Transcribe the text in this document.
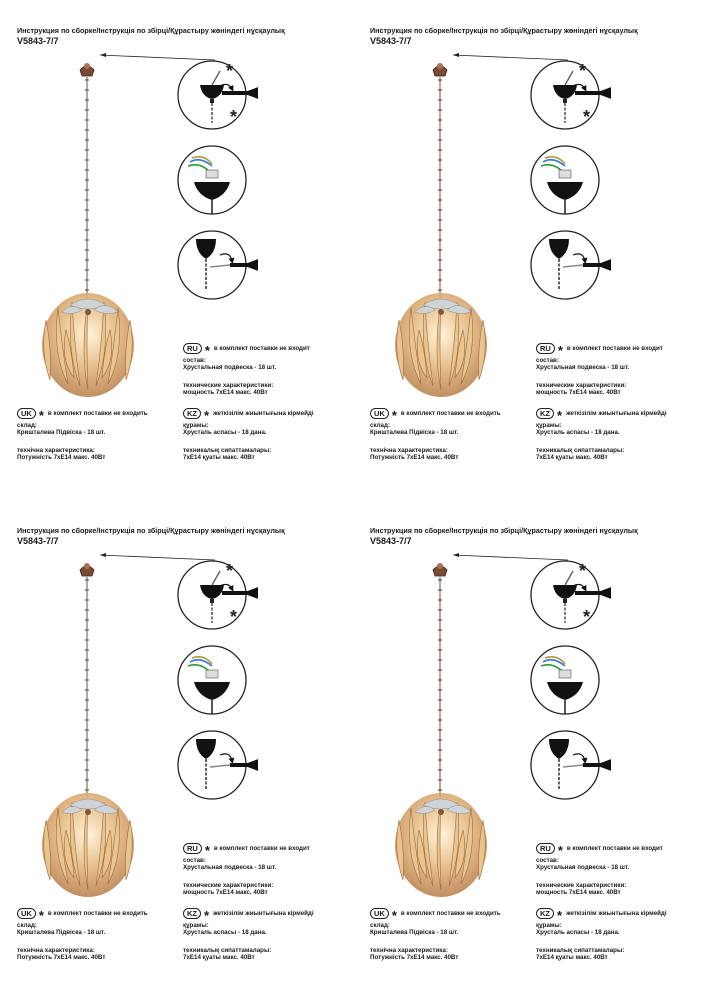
Инструкция по сборке/Інструкція по збірці/Құрастыру жөніндегі нұсқаулық
V5843-7/7
RU * в комплект поставки не входит
состав:
Хрустальная подвеска - 18 шт.
технические характеристики:
мощность 7хE14 макс. 40Вт
UK * в комплект поставки не входить
склад:
Кришталева Підвіска - 18 шт.
технічна характеристика:
Потужність 7хE14 макс. 40Вт
KZ * жеткізілім жиынтығына кірмейді
құрамы:
Хрусталь аспасы - 18 дана.
техникалық сипаттамалары:
7хE14 қуаты макс. 40Вт
Инструкция по сборке/Інструкція по збірці/Құрастыру жөніндегі нұсқаулық
V5843-7/7
RU * в комплект поставки не входит
состав:
Хрустальная подвеска - 18 шт.
технические характеристики:
мощность 7хE14 макс. 40Вт
UK * в комплект поставки не входить
склад:
Кришталева Підвіска - 18 шт.
технічна характеристика:
Потужність 7хE14 макс. 40Вт
KZ * жеткізілім жиынтығына кірмейді
құрамы:
Хрусталь аспасы - 18 дана.
техникалық сипаттамалары:
7хE14 қуаты макс. 40Вт
Инструкция по сборке/Інструкція по збірці/Құрастыру жөніндегі нұсқаулық
V5843-7/7
RU * в комплект поставки не входит
состав:
Хрустальная подвеска - 18 шт.
технические характеристики:
мощность 7хE14 макс. 40Вт
UK * в комплект поставки не входить
склад:
Кришталева Підвіска - 18 шт.
технічна характеристика:
Потужність 7хE14 макс. 40Вт
KZ * жеткізілім жиынтығына кірмейді
құрамы:
Хрусталь аспасы - 18 дана.
техникалық сипаттамалары:
7хE14 қуаты макс. 40Вт
Инструкция по сборке/Інструкція по збірці/Құрастыру жөніндегі нұсқаулық
V5843-7/7
RU * в комплект поставки не входит
состав:
Хрустальная подвеска - 18 шт.
технические характеристики:
мощность 7хE14 макс. 40Вт
UK * в комплект поставки не входить
склад:
Кришталева Підвіска - 18 шт.
технічна характеристика:
Потужність 7хE14 макс. 40Вт
KZ * жеткізілім жиынтығына кірмейді
құрамы:
Хрусталь аспасы - 18 дана.
техникалық сипаттамалары:
7хE14 қуаты макс. 40Вт
